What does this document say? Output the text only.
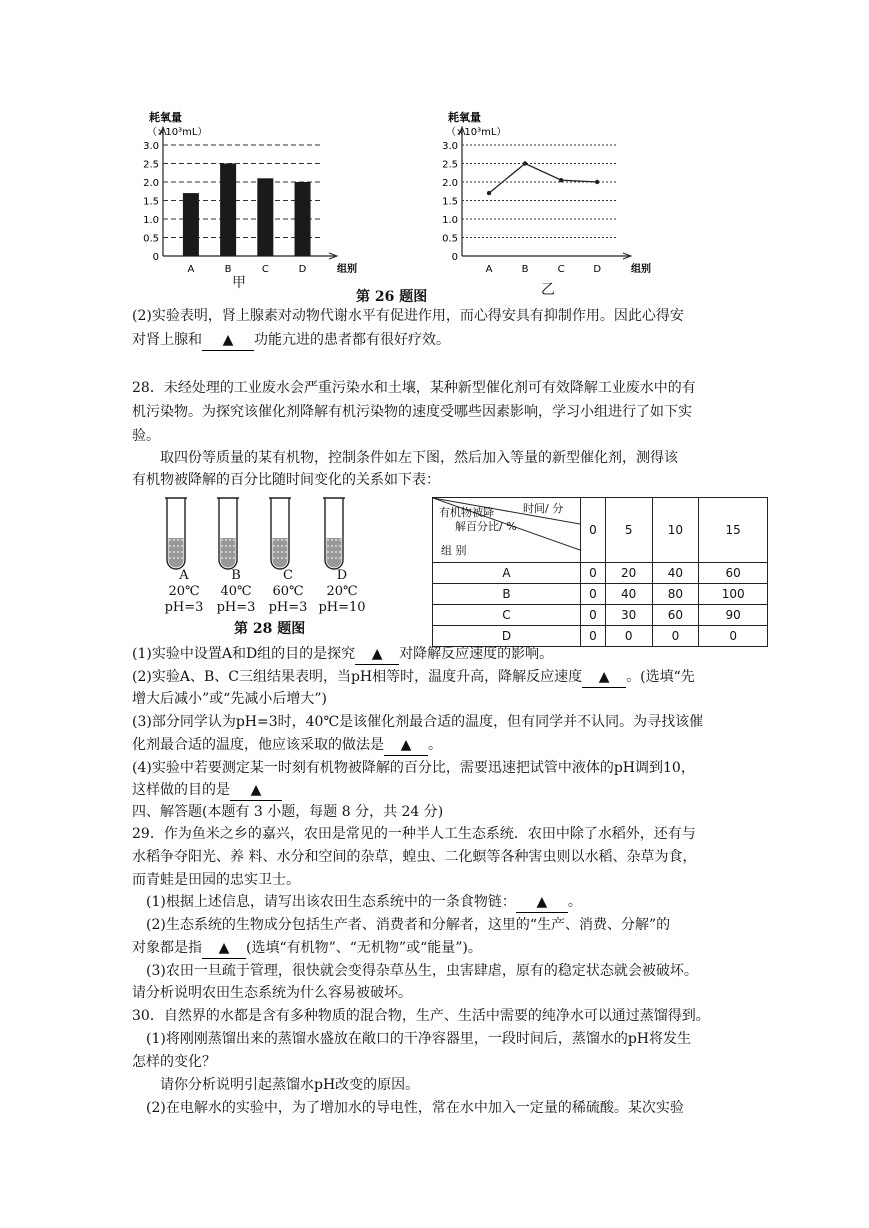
耗氧量
（×10³mL）
0
0.5
1.0
1.5
2.0
2.5
3.0
A	B	C	D	组别
耗氧量
（×10³mL）
0
0.5
1.0
1.5
2.0
2.5
3.0
A	B	C	D	组别
甲	乙
第 26 题图

(2)实验表明，肾上腺素对动物代谢水平有促进作用，而心得安具有抑制作用。因此心得安

对肾上腺和 ▲ 功能亢进的患者都有很好疗效。

28．未经处理的工业废水会严重污染水和土壤，某种新型催化剂可有效降解工业废水中的有

机污染物。为探究该催化剂降解有机污染物的速度受哪些因素影响，学习小组进行了如下实

验。

取四份等质量的某有机物，控制条件如左下图，然后加入等量的新型催化剂，测得该

有机物被降解的百分比随时间变化的关系如下表：

A
20℃
pH=3
B
40℃
pH=3
C
60℃
pH=3
D
20℃
pH=10
第 28 题图
时间/ 分
有机物被降
解百分比/ %
组 别	0	5	10	15
A	0	20	40	60
B	0	40	80	100
C	0	30	60	90
D	0	0	0	0

(1)实验中设置A和D组的目的是探究 ▲ 对降解反应速度的影响。

(2)实验A、B、C三组结果表明，当pH相等时，温度升高，降解反应速度 ▲ 。(选填“先

增大后减小”或“先减小后增大”)

(3)部分同学认为pH=3时，40℃是该催化剂最合适的温度，但有同学并不认同。为寻找该催

化剂最合适的温度，他应该采取的做法是 ▲ 。

(4)实验中若要测定某一时刻有机物被降解的百分比，需要迅速把试管中液体的pH调到10，

这样做的目的是 ▲

四、解答题(本题有 3 小题，每题 8 分，共 24 分)

29．作为鱼米之乡的嘉兴，农田是常见的一种半人工生态系统．农田中除了水稻外，还有与

水稻争夺阳光、养 料、水分和空间的杂草，蝗虫、二化螟等各种害虫则以水稻、杂草为食，

而青蛙是田园的忠实卫士。

(1)根据上述信息，请写出该农田生态系统中的一条食物链： ▲ 。

(2)生态系统的生物成分包括生产者、消费者和分解者，这里的“生产、消费、分解”的

对象都是指 ▲ (选填“有机物”、“无机物”或“能量”)。

(3)农田一旦疏于管理，很快就会变得杂草丛生，虫害肆虐，原有的稳定状态就会被破坏。

请分析说明农田生态系统为什么容易被破坏。

30．自然界的水都是含有多种物质的混合物，生产、生活中需要的纯净水可以通过蒸馏得到。

(1)将刚刚蒸馏出来的蒸馏水盛放在敞口的干净容器里，一段时间后，蒸馏水的pH将发生

怎样的变化？

请你分析说明引起蒸馏水pH改变的原因。

(2)在电解水的实验中，为了增加水的导电性，常在水中加入一定量的稀硫酸。某次实验
